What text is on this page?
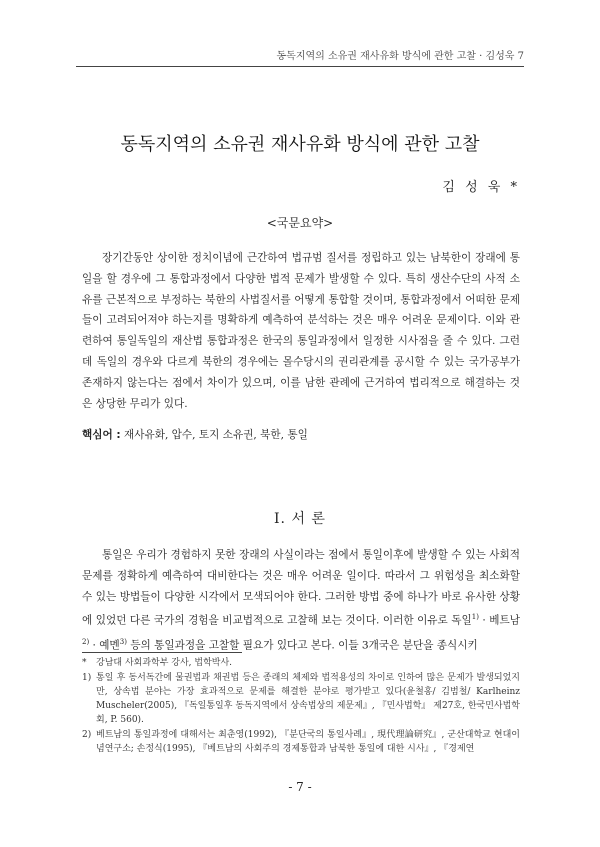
동독지역의 소유권 재사유화 방식에 관한 고찰 · 김성욱 7
동독지역의 소유권 재사유화 방식에 관한 고찰
김 성 욱 *
<국문요약>

장기간동안 상이한 정치이념에 근간하여 법규범 질서를 정립하고 있는 남북한이 장래에 통일을 할 경우에 그 통합과정에서 다양한 법적 문제가 발생할 수 있다. 특히 생산수단의 사적 소유를 근본적으로 부정하는 북한의 사법질서를 어떻게 통합할 것이며, 통합과정에서 어떠한 문제들이 고려되어져야 하는지를 명확하게 예측하여 분석하는 것은 매우 어려운 문제이다. 이와 관련하여 통일독일의 재산법 통합과정은 한국의 통일과정에서 일정한 시사점을 줄 수 있다. 그런데 독일의 경우와 다르게 북한의 경우에는 몰수당시의 권리관계를 공시할 수 있는 국가공부가 존재하지 않는다는 점에서 차이가 있으며, 이를 남한 관례에 근거하여 법리적으로 해결하는 것은 상당한 무리가 있다.

핵심어 : 재사유화, 압수, 토지 소유권, 북한, 통일
Ⅰ. 서 론

통일은 우리가 경험하지 못한 장래의 사실이라는 점에서 통일이후에 발생할 수 있는 사회적 문제를 정확하게 예측하여 대비한다는 것은 매우 어려운 일이다. 따라서 그 위험성을 최소화할 수 있는 방법들이 다양한 시각에서 모색되어야 한다. 그러한 방법 중에 하나가 바로 유사한 상황에 있었던 다른 국가의 경험을 비교법적으로 고찰해 보는 것이다. 이러한 이유로 독일$^{1)}$ · 베트남$^{2)}$ · 예멘$^{3)}$ 등의 통일과정을 고찰할 필요가 있다고 본다. 이들 3개국은 분단을 종식시키

*	강남대 사회과학부 강사, 법학박사.
1) 통일 후 동서독간에 물권법과 채권법 등은 종래의 체제와 법적용성의 차이로 인하여 많은 문제가 발생되었지만, 상속법 분야는 가장 효과적으로 문제를 해결한 분야로 평가받고 있다(윤철홍/ 김범철/ Karlheinz Muscheler(2005), 『독일통일후 동독지역에서 상속법상의 제문제』, 『민사법학』 제27호, 한국민사법학회, P. 560).
2) 베트남의 통일과정에 대해서는 최춘영(1992), 『분단국의 통일사례』, 現代理論研究』, 군산대학교 현대이념연구소; 손정식(1995), 『베트남의 사회주의 경제통합과 남북한 통일에 대한 시사』, 『경제연
- 7 -
